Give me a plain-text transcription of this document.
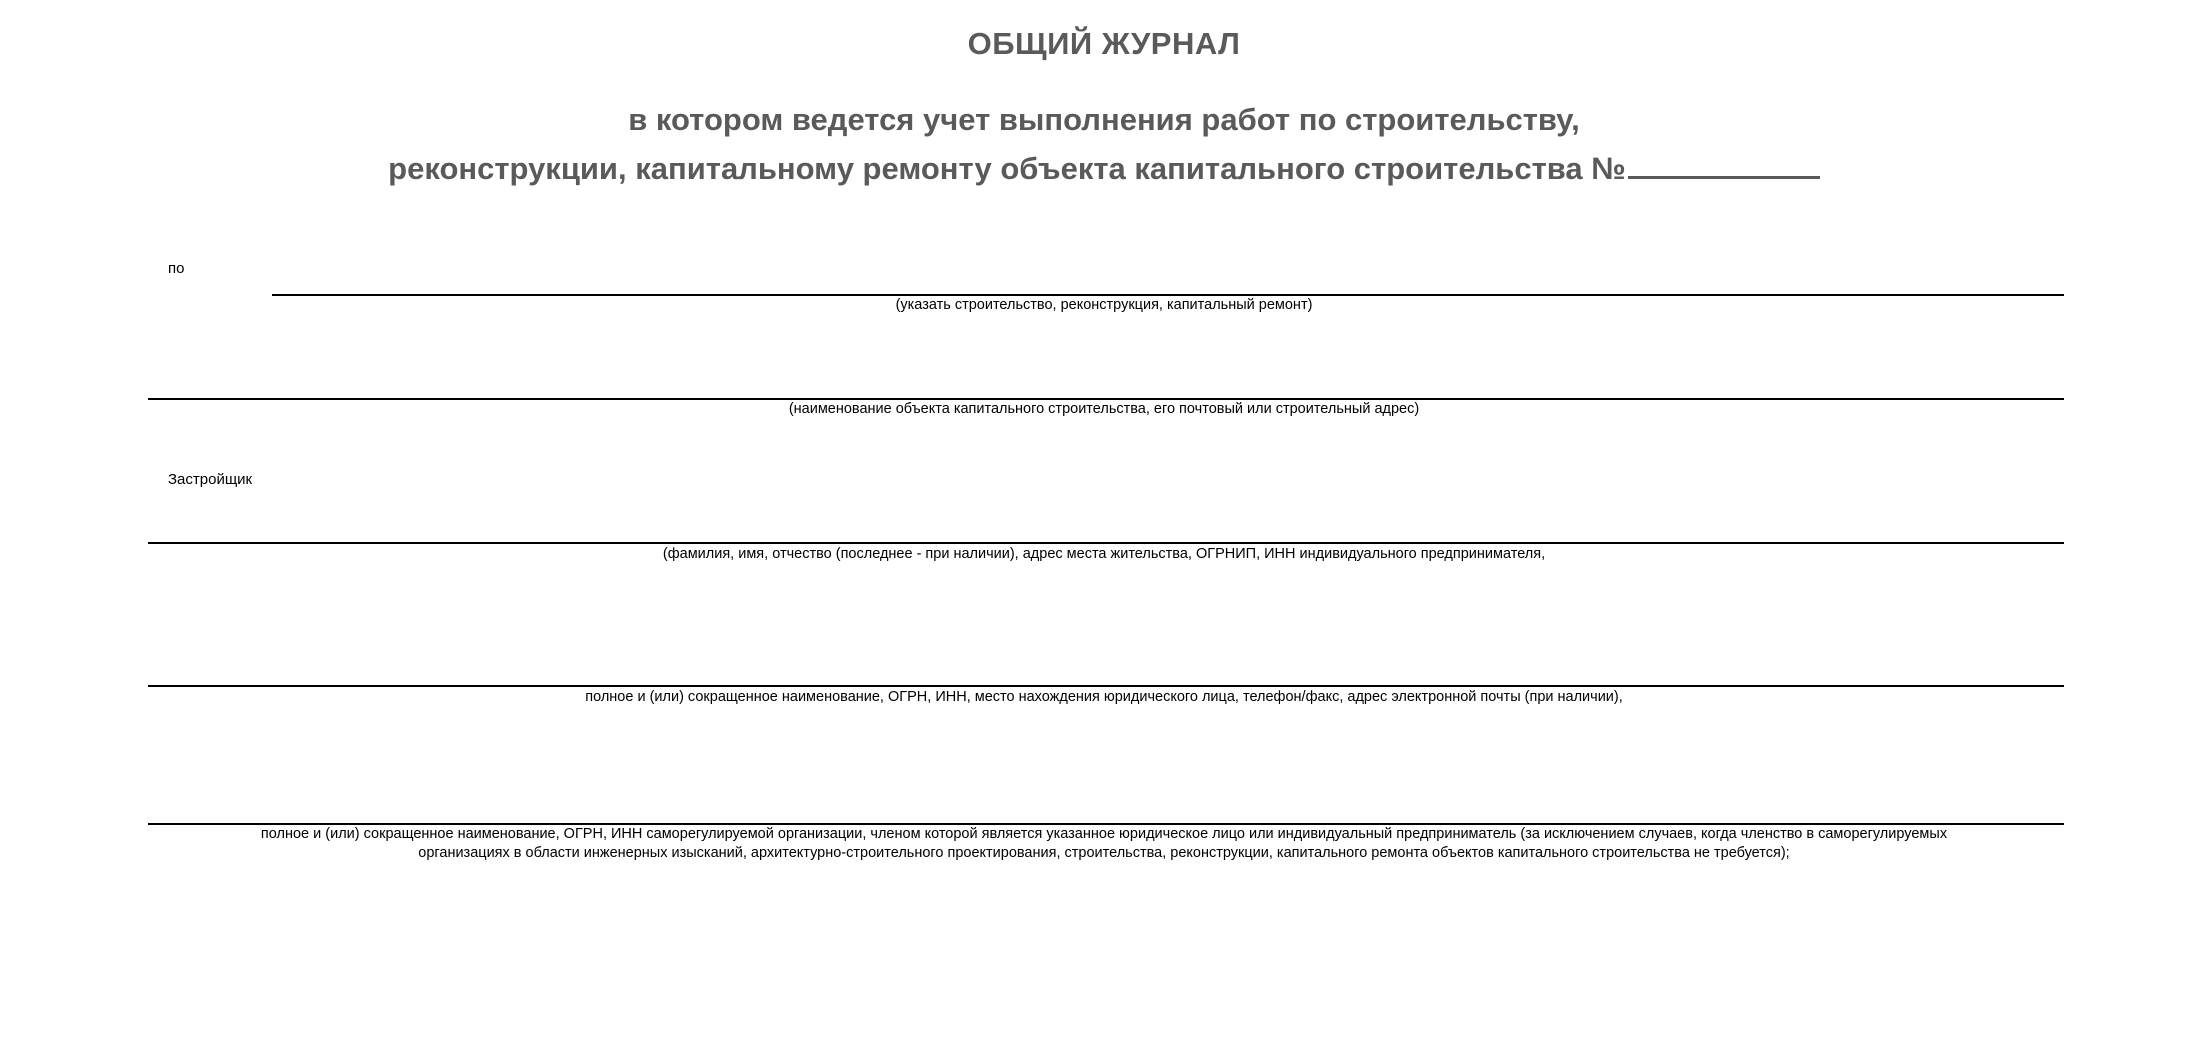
ОБЩИЙ ЖУРНАЛ
в котором ведется учет выполнения работ по строительству,
реконструкции, капитальному ремонту объекта капитального строительства №
по
(указать строительство, реконструкция, капитальный ремонт)
(наименование объекта капитального строительства, его почтовый или строительный адрес)
Застройщик
(фамилия, имя, отчество (последнее - при наличии), адрес места жительства, ОГРНИП, ИНН индивидуального предпринимателя,
полное и (или) сокращенное наименование, ОГРН, ИНН, место нахождения юридического лица, телефон/факс, адрес электронной почты (при наличии),
полное и (или) сокращенное наименование, ОГРН, ИНН саморегулируемой организации, членом которой является указанное юридическое лицо или индивидуальный предприниматель (за исключением случаев, когда членство в саморегулируемых
организациях в области инженерных изысканий, архитектурно-строительного проектирования, строительства, реконструкции, капитального ремонта объектов капитального строительства не требуется);
